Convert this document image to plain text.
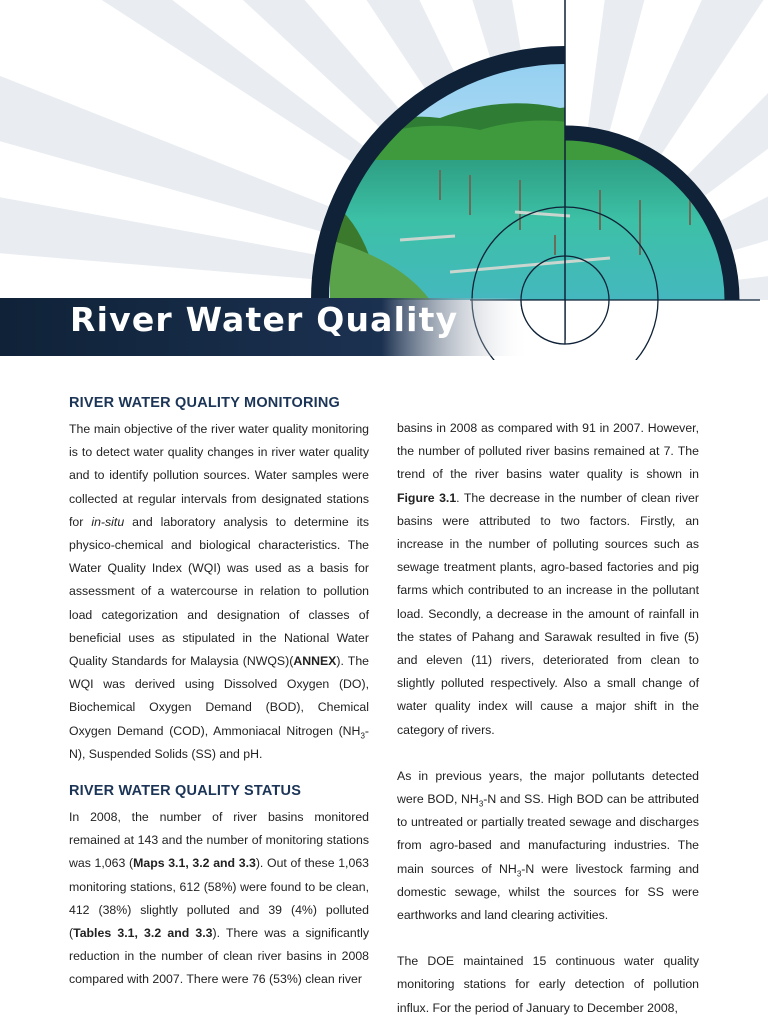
River Water Quality
RIVER WATER QUALITY MONITORING

The main objective of the river water quality monitoring is to detect water quality changes in river water quality and to identify pollution sources. Water samples were collected at regular intervals from designated stations for in-situ and laboratory analysis to determine its physico-chemical and biological characteristics. The Water Quality Index (WQI) was used as a basis for assessment of a watercourse in relation to pollution load categorization and designation of classes of beneficial uses as stipulated in the National Water Quality Standards for Malaysia (NWQS)(ANNEX). The WQI was derived using Dissolved Oxygen (DO), Biochemical Oxygen Demand (BOD), Chemical Oxygen Demand (COD), Ammoniacal Nitrogen $(NH_3-N)$, Suspended Solids (SS) and pH.

RIVER WATER QUALITY STATUS

In 2008, the number of river basins monitored remained at 143 and the number of monitoring stations was 1,063 (Maps 3.1, 3.2 and 3.3). Out of these 1,063 monitoring stations, 612 (58%) were found to be clean, 412 (38%) slightly polluted and 39 (4%) polluted (Tables 3.1, 3.2 and 3.3). There was a significantly reduction in the number of clean river basins in 2008 compared with 2007. There were 76 (53%) clean river

basins in 2008 as compared with 91 in 2007. However, the number of polluted river basins remained at 7. The trend of the river basins water quality is shown in Figure 3.1. The decrease in the number of clean river basins were attributed to two factors. Firstly, an increase in the number of polluting sources such as sewage treatment plants, agro-based factories and pig farms which contributed to an increase in the pollutant load. Secondly, a decrease in the amount of rainfall in the states of Pahang and Sarawak resulted in five (5) and eleven (11) rivers, deteriorated from clean to slightly polluted respectively. Also a small change of water quality index will cause a major shift in the category of rivers.

As in previous years, the major pollutants detected were BOD, $NH_3-N$ and SS. High BOD can be attributed to untreated or partially treated sewage and discharges from agro-based and manufacturing industries. The main sources of $NH_3-N$ were livestock farming and domestic sewage, whilst the sources for SS were earthworks and land clearing activities.

The DOE maintained 15 continuous water quality monitoring stations for early detection of pollution influx. For the period of January to December 2008,
